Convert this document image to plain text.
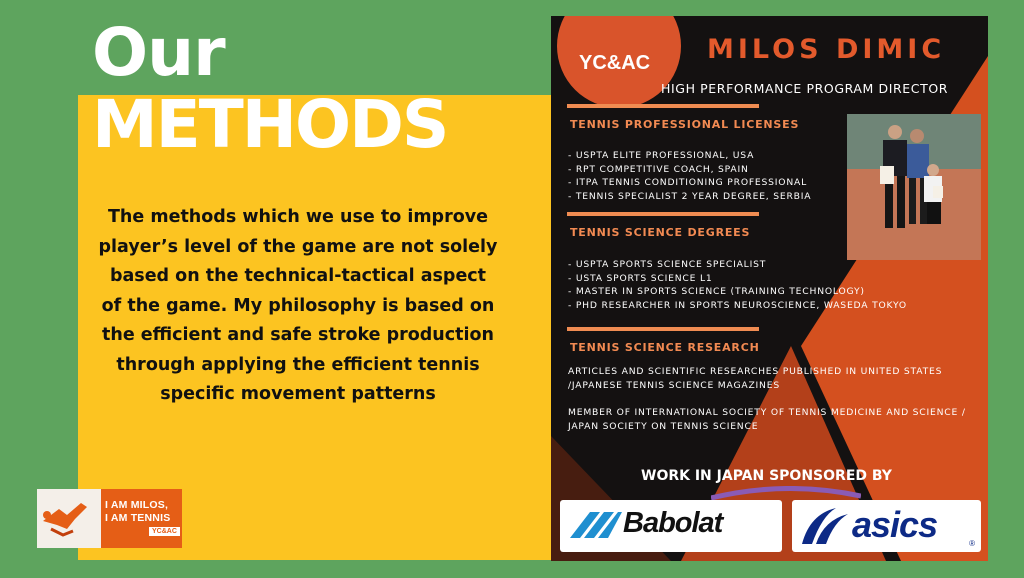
Our
METHODS
The methods which we use to improve player’s level of the game are not solely based on the technical-tactical aspect of the game. My philosophy is based on the efficient and safe stroke production through applying the efficient tennis specific movement patterns
I AM MILOS,
I AM TENNIS
YC&AC
YC&AC MILOS DIMIC
HIGH PERFORMANCE PROGRAM DIRECTOR
TENNIS PROFESSIONAL LICENSES
- USPTA ELITE PROFESSIONAL, USA
- RPT COMPETITIVE COACH, SPAIN
- ITPA TENNIS CONDITIONING PROFESSIONAL
- TENNIS SPECIALIST 2 YEAR DEGREE, SERBIA
TENNIS SCIENCE DEGREES
- USPTA SPORTS SCIENCE SPECIALIST
- USTA SPORTS SCIENCE L1
- MASTER IN SPORTS SCIENCE (TRAINING TECHNOLOGY)
- PHD RESEARCHER IN SPORTS NEUROSCIENCE, WASEDA TOKYO
TENNIS SCIENCE RESEARCH

ARTICLES AND SCIENTIFIC RESEARCHES PUBLISHED IN UNITED STATES /JAPANESE TENNIS SCIENCE MAGAZINES

MEMBER OF INTERNATIONAL SOCIETY OF TENNIS MEDICINE AND SCIENCE / JAPAN SOCIETY ON TENNIS SCIENCE

WORK IN JAPAN SPONSORED BY
Babolat	asics	®
